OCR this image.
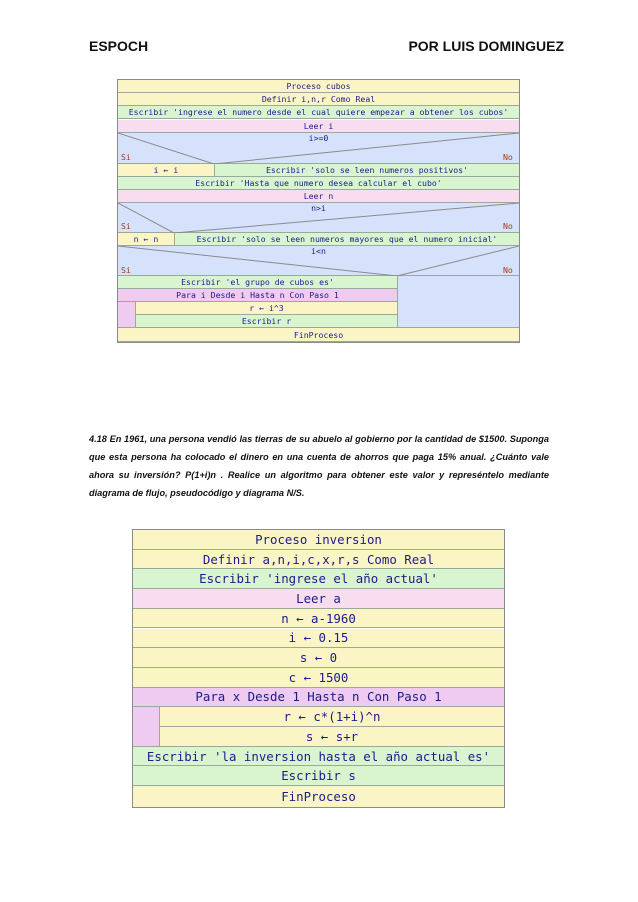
ESPOCH	POR LUIS DOMINGUEZ
Proceso cubos
Definir i,n,r Como Real
Escribir 'ingrese el numero desde el cual quiere empezar a obtener los cubos'
Leer i
i>=0
Si	No
i ← i	Escribir 'solo se leen numeros positivos'
Escribir 'Hasta que numero desea calcular el cubo'
Leer n
n>i
Si	No
n ← n	Escribir 'solo se leen numeros mayores que el numero inicial'
i<n
Si	No
Escribir 'el grupo de cubos es'
Para i Desde i Hasta n Con Paso 1
r ← i^3
Escribir r
FinProceso
4.18 En 1961, una persona vendió las tierras de su abuelo al gobierno por la cantidad de $1500. Suponga que esta persona ha colocado el dinero en una cuenta de ahorros que paga 15% anual. ¿Cuánto vale ahora su inversión? P(1+i)n . Realice un algoritmo para obtener este valor y represéntelo mediante diagrama de flujo, pseudocódigo y diagrama N/S.
Proceso inversion
Definir a,n,i,c,x,r,s Como Real
Escribir 'ingrese el año actual'
Leer a
n ← a-1960
i ← 0.15
s ← 0
c ← 1500
Para x Desde 1 Hasta n Con Paso 1
r ← c*(1+i)^n
s ← s+r
Escribir 'la inversion hasta el año actual es'
Escribir s
FinProceso
